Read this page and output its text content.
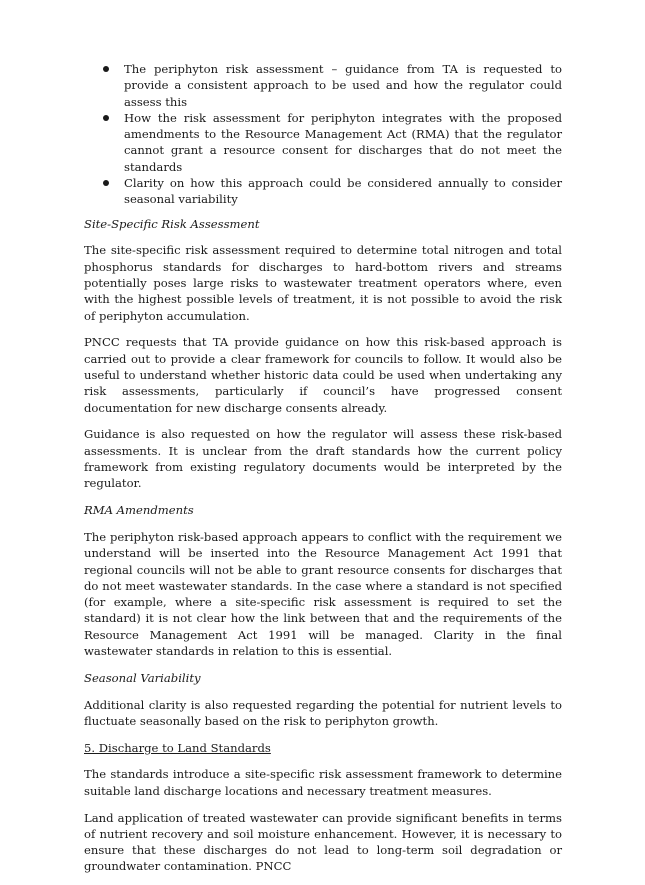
The periphyton risk assessment – guidance from TA is requested to provide a consistent approach to be used and how the regulator could assess this
How the risk assessment for periphyton integrates with the proposed amendments to the Resource Management Act (RMA) that the regulator cannot grant a resource consent for discharges that do not meet the standards
Clarity on how this approach could be considered annually to consider seasonal variability
Site-Specific Risk Assessment

The site-specific risk assessment required to determine total nitrogen and total phosphorus standards for discharges to hard-bottom rivers and streams potentially poses large risks to wastewater treatment operators where, even with the highest possible levels of treatment, it is not possible to avoid the risk of periphyton accumulation.

PNCC requests that TA provide guidance on how this risk-based approach is carried out to provide a clear framework for councils to follow. It would also be useful to understand whether historic data could be used when undertaking any risk assessments, particularly if council’s have progressed consent documentation for new discharge consents already.

Guidance is also requested on how the regulator will assess these risk-based assessments. It is unclear from the draft standards how the current policy framework from existing regulatory documents would be interpreted by the regulator.

RMA Amendments

The periphyton risk-based approach appears to conflict with the requirement we understand will be inserted into the Resource Management Act 1991 that regional councils will not be able to grant resource consents for discharges that do not meet wastewater standards. In the case where a standard is not specified (for example, where a site-specific risk assessment is required to set the standard) it is not clear how the link between that and the requirements of the Resource Management Act 1991 will be managed. Clarity in the final wastewater standards in relation to this is essential.

Seasonal Variability

Additional clarity is also requested regarding the potential for nutrient levels to fluctuate seasonally based on the risk to periphyton growth.

5. Discharge to Land Standards

The standards introduce a site-specific risk assessment framework to determine suitable land discharge locations and necessary treatment measures.

Land application of treated wastewater can provide significant benefits in terms of nutrient recovery and soil moisture enhancement. However, it is necessary to ensure that these discharges do not lead to long-term soil degradation or groundwater contamination. PNCC
